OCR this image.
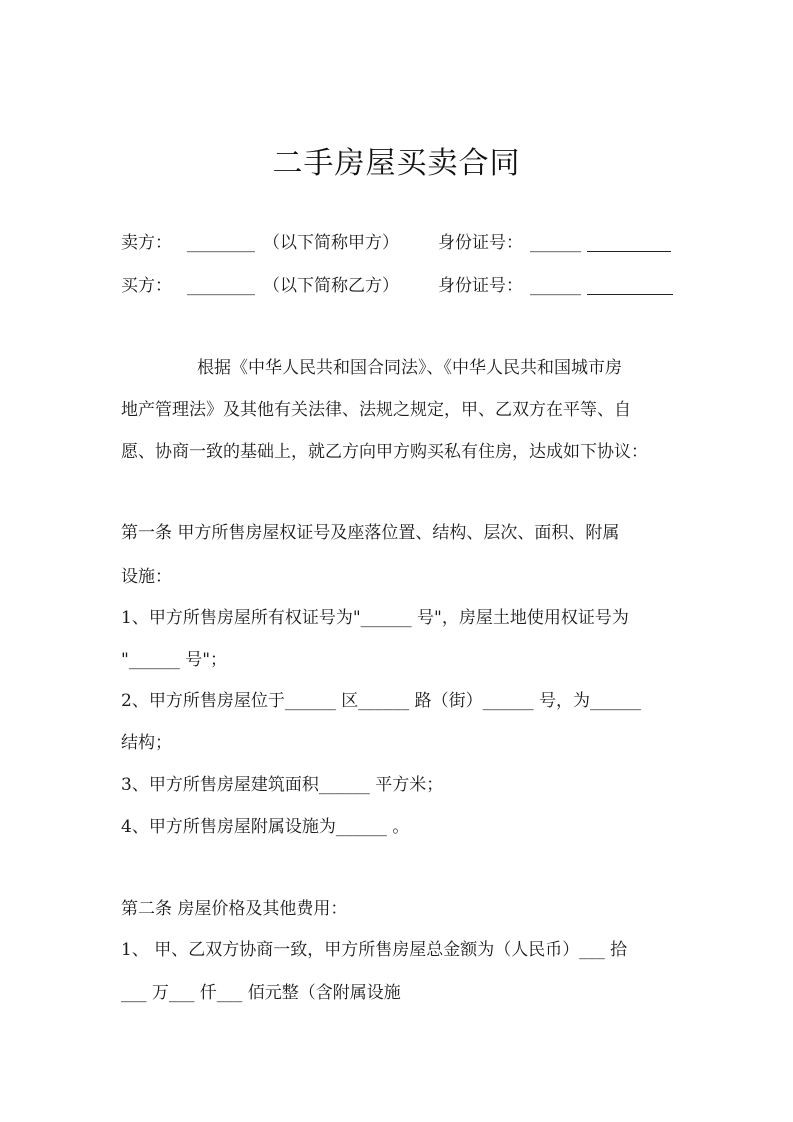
二手房屋买卖合同
卖方： ________ （以下简称甲方） 身份证号： ______
买方： ________ （以下简称乙方） 身份证号： ______
根据《中华人民共和国合同法》、《中华人民共和国城市房
地产管理法》及其他有关法律、法规之规定，甲、乙双方在平等、自
愿、协商一致的基础上，就乙方向甲方购买私有住房，达成如下协议：
第一条 甲方所售房屋权证号及座落位置、结构、层次、面积、附属
设施：
1、甲方所售房屋所有权证号为"______ 号"，房屋土地使用权证号为
"______ 号"；
2、甲方所售房屋位于______ 区______ 路（街）______ 号，为______
结构；
3、甲方所售房屋建筑面积______ 平方米；
4、甲方所售房屋附属设施为______ 。
第二条 房屋价格及其他费用：
1、 甲、乙双方协商一致，甲方所售房屋总金额为（人民币）___ 拾
___ 万___ 仟___ 佰元整（含附属设施
